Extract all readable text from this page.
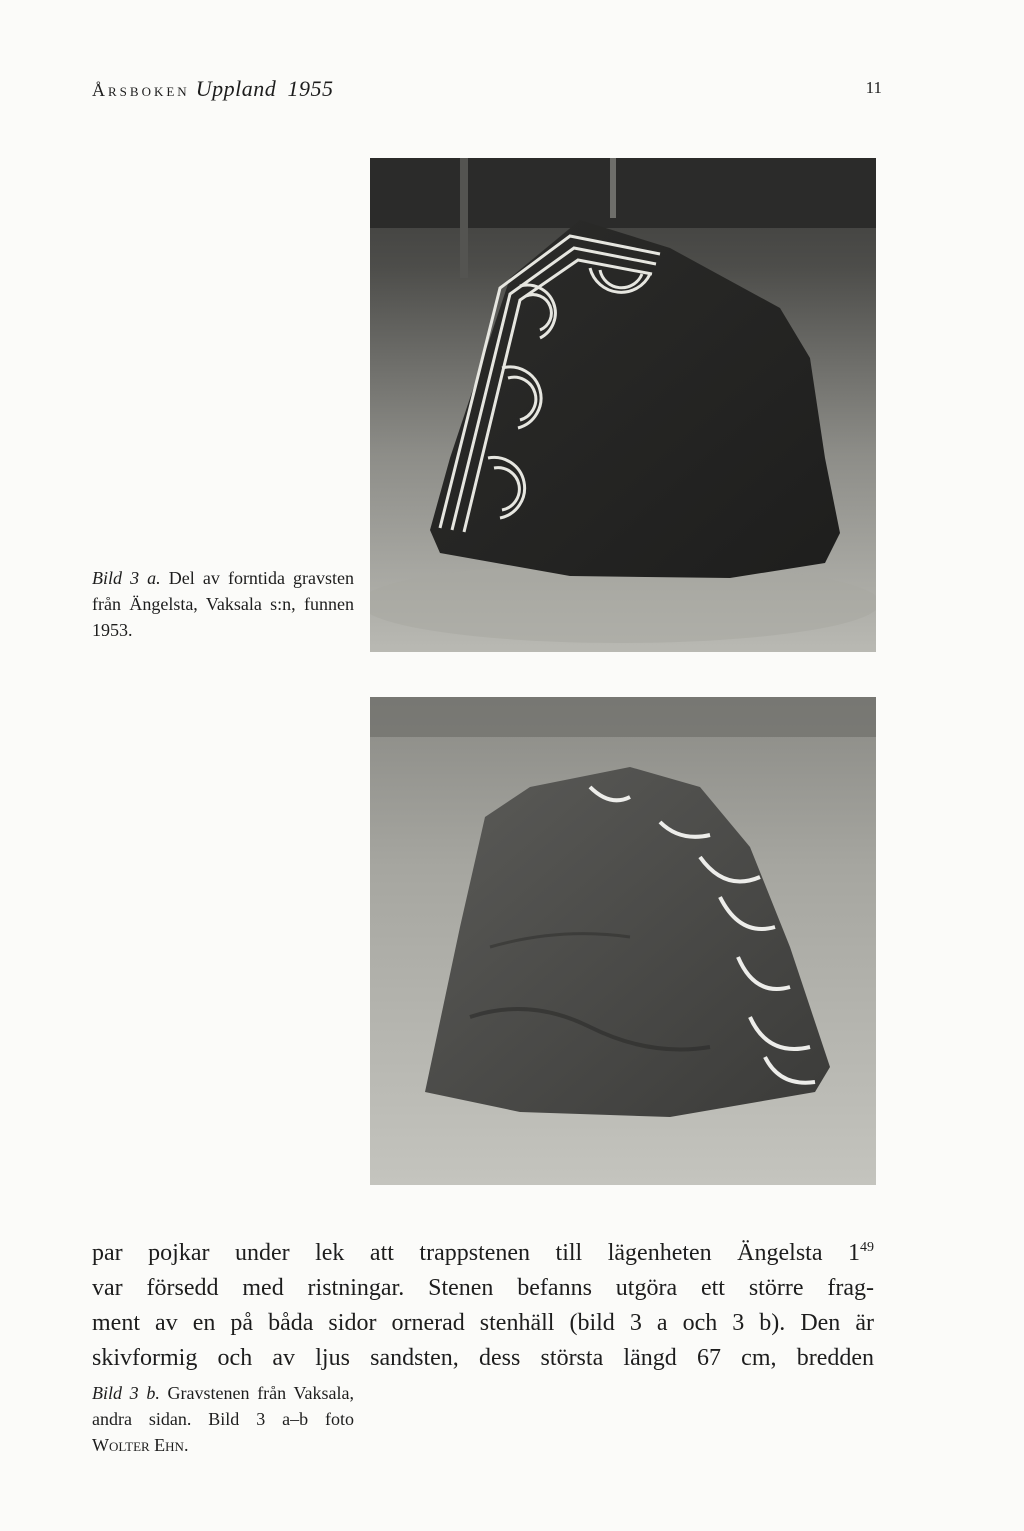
Årsboken Uppland 1955	11
Bild 3 a. Del av forntida gravsten från Ängelsta, Vaksala s:n, funnen 1953.
Bild 3 b. Gravstenen från Vaksala, andra sidan. Bild 3 a–b foto Wolter Ehn.
par pojkar under lek att trappstenen till lägenheten Ängelsta $1^{49}$
var försedd med ristningar. Stenen befanns utgöra ett större frag-
ment av en på båda sidor ornerad stenhäll (bild 3 a och 3 b). Den är
skivformig och av ljus sandsten, dess största längd 67 cm, bredden
